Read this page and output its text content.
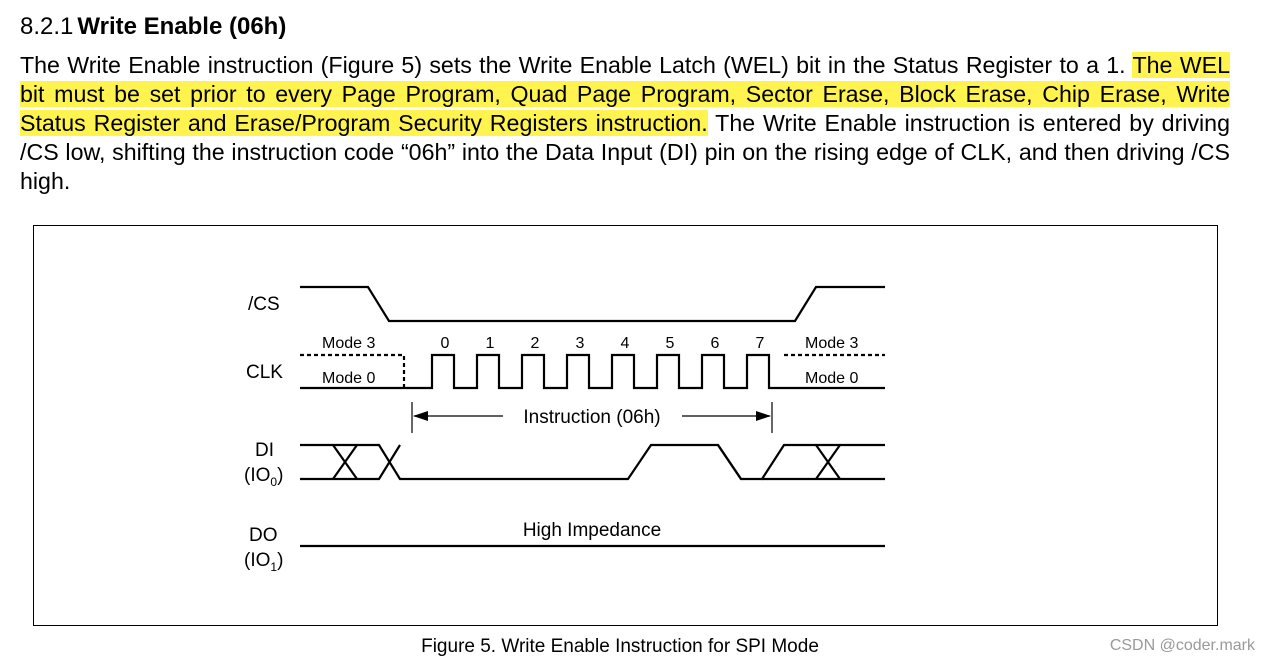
8.2.1 Write Enable (06h)
The Write Enable instruction (Figure 5) sets the Write Enable Latch (WEL) bit in the Status Register to a 1. The WEL bit must be set prior to every Page Program, Quad Page Program, Sector Erase, Block Erase, Chip Erase, Write Status Register and Erase/Program Security Registers instruction. The Write Enable instruction is entered by driving /CS low, shifting the instruction code “06h” into the Data Input (DI) pin on the rising edge of CLK, and then driving /CS high.
/CS
CLK
DI
$(IO_0)$
DO
$(IO_1)$
Mode 3
Mode 0
Mode 3
Mode 0
0 1 2 3 4 5 6 7
Instruction (06h)
High Impedance
Figure 5. Write Enable Instruction for SPI Mode	CSDN @coder.mark
